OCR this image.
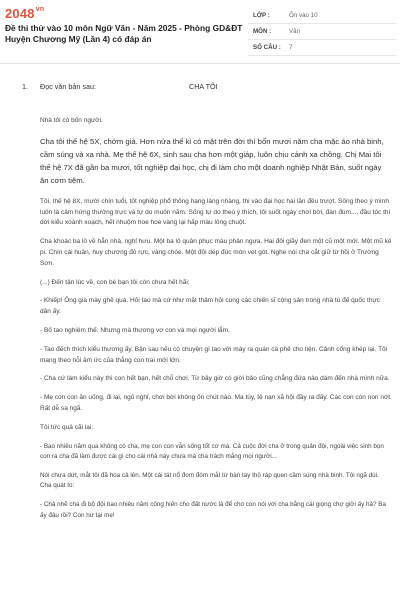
$2048^{vn}$
Đề thi thử vào 10 môn Ngữ Văn - Năm 2025 - Phòng GD&ĐT Huyện Chương Mỹ (Lần 4) có đáp án
LỚP :	Ôn vào 10
MÔN :	Văn
SỐ CÂU :	7
1. Đọc văn bản sau:	CHA TÔI

Nhà tôi có bốn người.

Cha tôi thế hệ 5X, chớm già. Hơn nửa thế kỉ có mặt trên đời thì bốn mươi năm cha mặc áo nhà binh, cầm súng và xa nhà. Mẹ thế hệ 6X, sinh sau cha hơn một giáp, luôn chịu cảnh xa chồng. Chị Mai tôi thế hệ 7X đã gần ba mươi, tốt nghiệp đại học, chị đi làm cho một doanh nghiệp Nhật Bản, suốt ngày ăn cơm tiệm.

Tôi, thế hệ 8X, mười chín tuổi, tốt nghiệp phổ thông hạng làng nhàng, thi vào đại học hai lần đều trượt. Sống theo ý mình luôn là cảm hứng thường trực và tự do muôn năm. Sống tự do theo ý thích, tôi suốt ngày chơi bời, đàn đúm..., đầu tóc thì dời kiểu xoành xoạch, hết nhuộm hoe hoe vàng lại hấp màu lông chuột.

Cha khoác ba lô về hẳn nhà, nghỉ hưu. Một ba lô quân phục màu phân ngựa. Hai đôi giầy đen một cũ một mới. Một mũ kê pi. Chín cái huân, huy chương đỏ rực, vàng chóe. Một đôi dép đúc mòn vẹt gót. Nghe nói cha cắt giữ từ hồi ở Trường Sơn.

(...) Đến tận lúc về, con bé bạn tôi còn chưa hết hãi:

- Khiếp! Ông già mày ghê quá. Hỏi tao mà cứ như mặt thâm hỏi cung các chiến sĩ cộng sản trong nhà tù đế quốc thực dân ấy.

- Bố tao nghiêm thế. Nhưng mà thương vợ con và mọi người lắm.

- Tao đếch thích kiểu thương ấy. Bận sau nếu có chuyện gì tao với mày ra quán cà phê cho tiện. Cảnh cổng khép lại. Tôi mang theo nỗi ám ức của thằng con trai mới lớn.

- Cha cứ làm kiểu này thì con hết bạn, hết chỗ chơi. Từ bây giờ có giời bảo cũng chẳng đứa nào dám đến nhà mình nữa.

- Mẹ con con ăn uống, đi lại, ngủ nghỉ, chơi bời không ốn chút nào. Ma túy, tệ nạn xã hội đầy ra đấy. Các con còn non nớt. Rất dễ sa ngã.

Tôi tức quá cãi lại:

- Bao nhiêu năm qua không có cha, mẹ con con vẫn sống tốt cơ mà. Cả cuộc đời cha ở trong quân đội, ngoài việc sinh bọn con ra cha đã làm được cái gì cho cái nhà này chưa mà cha trách mắng mọi người...

Nói chưa dứt, mắt tôi đã hoa cả lên. Một cái tát nổ đom đóm mắt từ bàn tay thô ráp quen cầm súng nhà binh. Tôi ngã dúi. Cha quát to:

- Chả nhẽ cha đi bộ đội bao nhiêu năm cống hiến cho đất nước là để cho con nói với cha bằng cái giọng chợ giời ấy hả? Ba ấy đâu rồi? Con hư tại mẹ!
